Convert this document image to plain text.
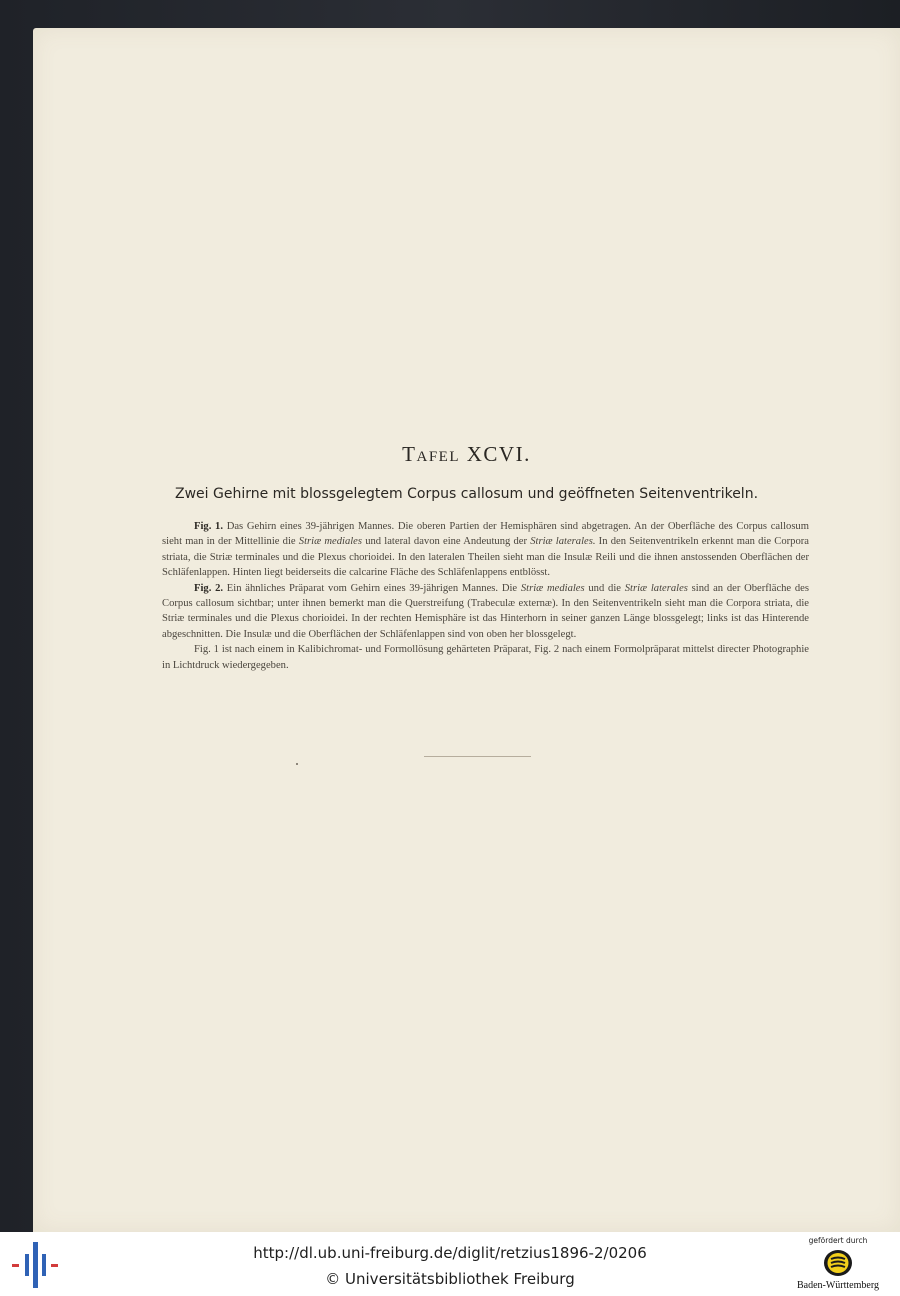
Tafel XCVI.
Zwei Gehirne mit blossgelegtem Corpus callosum und geöffneten Seitenventrikeln.

Fig. 1. Das Gehirn eines 39-jährigen Mannes. Die oberen Partien der Hemisphären sind abgetragen. An der Oberfläche des Corpus callosum sieht man in der Mittellinie die Striæ mediales und lateral davon eine Andeutung der Striæ laterales. In den Seitenventrikeln erkennt man die Corpora striata, die Striæ terminales und die Plexus chorioidei. In den lateralen Theilen sieht man die Insulæ Reili und die ihnen anstossenden Oberflächen der Schläfenlappen. Hinten liegt beiderseits die calcarine Fläche des Schläfenlappens entblösst.

Fig. 2. Ein ähnliches Präparat vom Gehirn eines 39-jährigen Mannes. Die Striæ mediales und die Striæ laterales sind an der Oberfläche des Corpus callosum sichtbar; unter ihnen bemerkt man die Querstreifung (Trabeculæ externæ). In den Seitenventrikeln sieht man die Corpora striata, die Striæ terminales und die Plexus chorioidei. In der rechten Hemisphäre ist das Hinterhorn in seiner ganzen Länge blossgelegt; links ist das Hinterende abgeschnitten. Die Insulæ und die Oberflächen der Schläfenlappen sind von oben her blossgelegt.

Fig. 1 ist nach einem in Kalibichromat- und Formollösung gehärteten Präparat, Fig. 2 nach einem Formolpräparat mittelst directer Photographie in Lichtdruck wiedergegeben.

http://dl.ub.uni-freiburg.de/diglit/retzius1896-2/0206
© Universitätsbibliothek Freiburg
gefördert durch
Baden-Württemberg
